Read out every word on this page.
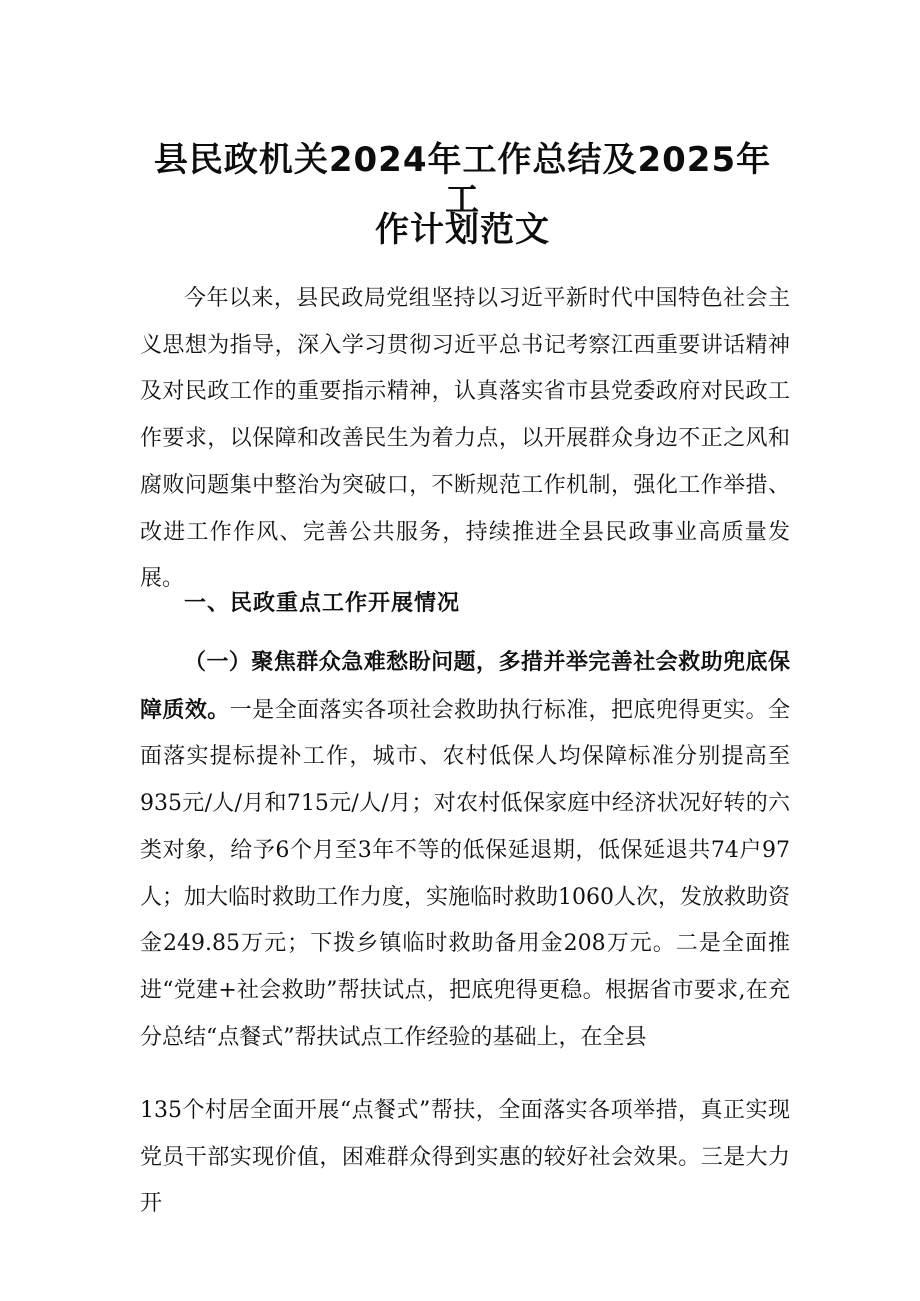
县民政机关2024年工作总结及2025年工
作计划范文
今年以来，县民政局党组坚持以习近平新时代中国特色社会主义思想为指导，深入学习贯彻习近平总书记考察江西重要讲话精神及对民政工作的重要指示精神，认真落实省市县党委政府对民政工作要求，以保障和改善民生为着力点，以开展群众身边不正之风和腐败问题集中整治为突破口，不断规范工作机制，强化工作举措、改进工作作风、完善公共服务，持续推进全县民政事业高质量发展。
一、民政重点工作开展情况
（一）聚焦群众急难愁盼问题，多措并举完善社会救助兜底保障质效。一是全面落实各项社会救助执行标准，把底兜得更实。全面落实提标提补工作，城市、农村低保人均保障标准分别提高至935元/人/月和715元/人/月；对农村低保家庭中经济状况好转的六类对象，给予6个月至3年不等的低保延退期，低保延退共74户97人；加大临时救助工作力度，实施临时救助1060人次，发放救助资金249.85万元；下拨乡镇临时救助备用金208万元。二是全面推进“党建+社会救助”帮扶试点，把底兜得更稳。根据省市要求,在充分总结“点餐式”帮扶试点工作经验的基础上，在全县
135个村居全面开展“点餐式”帮扶，全面落实各项举措，真正实现党员干部实现价值，困难群众得到实惠的较好社会效果。三是大力开
